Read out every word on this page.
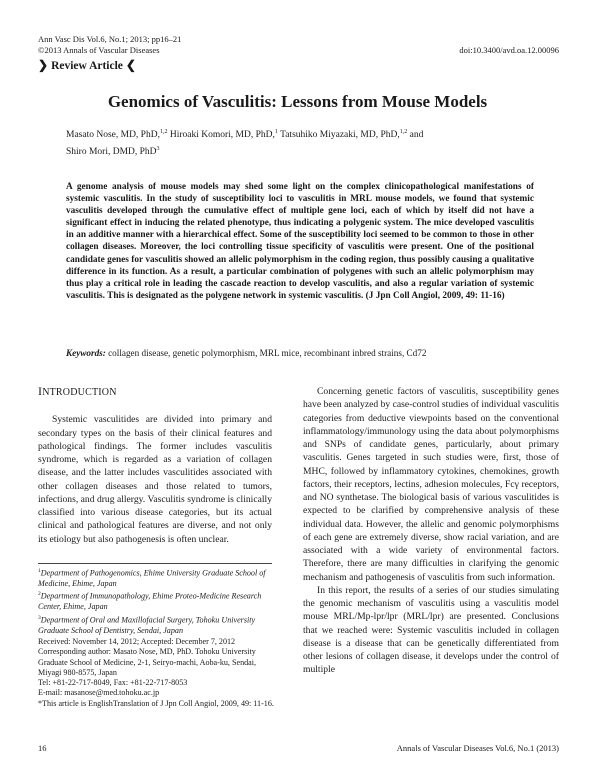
Ann Vasc Dis Vol.6, No.1; 2013; pp16–21
©2013 Annals of Vascular Diseases	doi:10.3400/avd.oa.12.00096
❯ Review Article ❮
Genomics of Vasculitis: Lessons from Mouse Models
Masato Nose, MD, PhD,$^{1,2}$ Hiroaki Komori, MD, PhD,$^1$ Tatsuhiko Miyazaki, MD, PhD,$^{1,2}$ and
Shiro Mori, DMD, PhD$^3$
A genome analysis of mouse models may shed some light on the complex clinicopathological manifestations of systemic vasculitis. In the study of susceptibility loci to vasculitis in MRL mouse models, we found that systemic vasculitis developed through the cumulative effect of multiple gene loci, each of which by itself did not have a significant effect in inducing the related phenotype, thus indicating a polygenic system. The mice developed vasculitis in an additive manner with a hierarchical effect. Some of the susceptibility loci seemed to be common to those in other collagen diseases. Moreover, the loci controlling tissue specificity of vasculitis were present. One of the positional candidate genes for vasculitis showed an allelic polymorphism in the coding region, thus possibly causing a qualitative difference in its function. As a result, a particular combination of polygenes with such an allelic polymorphism may thus play a critical role in leading the cascade reaction to develop vasculitis, and also a regular variation of systemic vasculitis. This is designated as the polygene network in systemic vasculitis. (J Jpn Coll Angiol, 2009, 49: 11-16)
Keywords: collagen disease, genetic polymorphism, MRL mice, recombinant inbred strains, Cd72
INTRODUCTION

Systemic vasculitides are divided into primary and secondary types on the basis of their clinical features and pathological findings. The former includes vasculitis syndrome, which is regarded as a variation of collagen disease, and the latter includes vasculitides associated with other collagen diseases and those related to tumors, infections, and drug allergy. Vasculitis syndrome is clinically classified into various disease categories, but its actual clinical and pathological features are diverse, and not only its etiology but also pathogenesis is often unclear.

$^1$Department of Pathogenomics, Ehime University Graduate School of Medicine, Ehime, Japan
$^2$Department of Immunopathology, Ehime Proteo-Medicine Research Center, Ehime, Japan
$^3$Department of Oral and Maxillofacial Surgery, Tohoku University Graduate School of Dentistry, Sendai, Japan
Received: November 14, 2012; Accepted: December 7, 2012
Corresponding author: Masato Nose, MD, PhD. Tohoku University Graduate School of Medicine, 2-1, Seiryo-machi, Aoba-ku, Sendai, Miyagi 980-8575, Japan
Tel: +81-22-717-8049, Fax: +81-22-717-8053
E-mail: masanose@med.tohoku.ac.jp
*This article is EnglishTranslation of J Jpn Coll Angiol, 2009, 49: 11-16.

Concerning genetic factors of vasculitis, susceptibility genes have been analyzed by case-control studies of individual vasculitis categories from deductive viewpoints based on the conventional inflammatology/immunology using the data about polymorphisms and SNPs of candidate genes, particularly, about primary vasculitis. Genes targeted in such studies were, first, those of MHC, followed by inflammatory cytokines, chemokines, growth factors, their receptors, lectins, adhesion molecules, Fcγ receptors, and NO synthetase. The biological basis of various vasculitides is expected to be clarified by comprehensive analysis of these individual data. However, the allelic and genomic polymorphisms of each gene are extremely diverse, show racial variation, and are associated with a wide variety of environmental factors. Therefore, there are many difficulties in clarifying the genomic mechanism and pathogenesis of vasculitis from such information.

In this report, the results of a series of our studies simulating the genomic mechanism of vasculitis using a vasculitis model mouse MRL/Mp-lpr/lpr (MRL/lpr) are presented. Conclusions that we reached were: Systemic vasculitis included in collagen disease is a disease that can be genetically differentiated from other lesions of collagen disease, it develops under the control of multiple

16	Annals of Vascular Diseases Vol.6, No.1 (2013)
